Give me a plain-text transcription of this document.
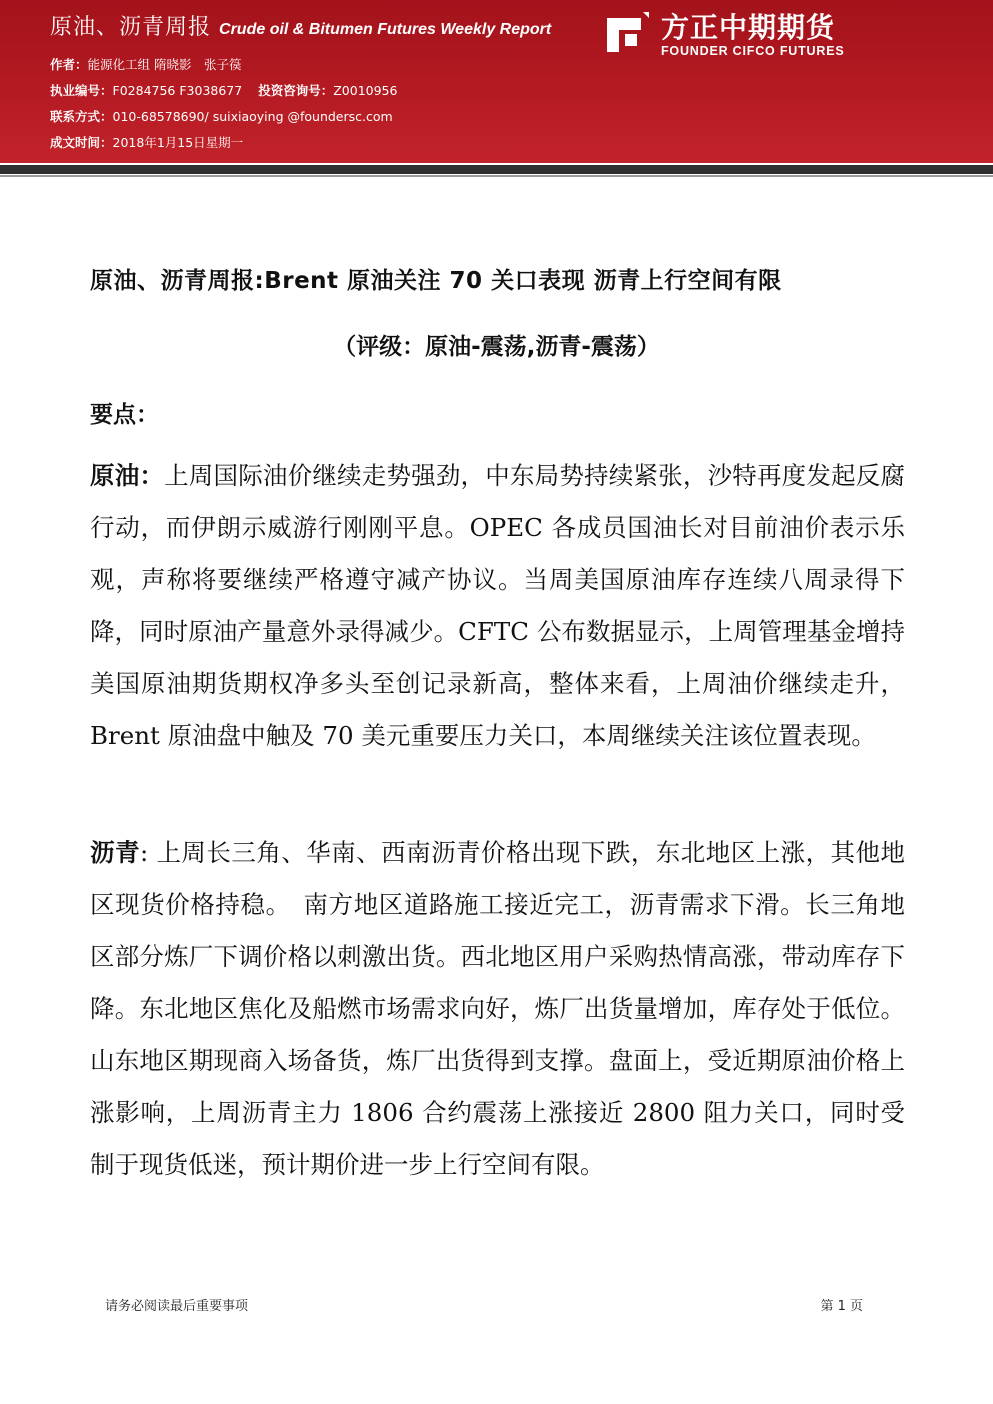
原油、沥青周报 Crude oil & Bitumen Futures Weekly Report
作者：能源化工组 隋晓影　张子篌
执业编号：F0284756 F3038677 投资咨询号：Z0010956
联系方式：010-68578690/ suixiaoying @foundersc.com
成文时间：2018年1月15日星期一
方正中期期货
FOUNDER CIFCO FUTURES
原油、沥青周报:Brent 原油关注 70 关口表现 沥青上行空间有限
（评级：原油-震荡,沥青-震荡）
要点：
原油：上周国际油价继续走势强劲，中东局势持续紧张，沙特再度发起反腐行动，而伊朗示威游行刚刚平息。OPEC 各成员国油长对目前油价表示乐观，声称将要继续严格遵守减产协议。当周美国原油库存连续八周录得下降，同时原油产量意外录得减少。CFTC 公布数据显示，上周管理基金增持美国原油期货期权净多头至创记录新高，整体来看，上周油价继续走升，Brent 原油盘中触及 70 美元重要压力关口，本周继续关注该位置表现。
沥青: 上周长三角、华南、西南沥青价格出现下跌，东北地区上涨，其他地区现货价格持稳。　南方地区道路施工接近完工，沥青需求下滑。长三角地区部分炼厂下调价格以刺激出货。西北地区用户采购热情高涨，带动库存下降。东北地区焦化及船燃市场需求向好，炼厂出货量增加，库存处于低位。山东地区期现商入场备货，炼厂出货得到支撑。盘面上，受近期原油价格上涨影响，上周沥青主力 1806 合约震荡上涨接近 2800 阻力关口，同时受制于现货低迷，预计期价进一步上行空间有限。
请务必阅读最后重要事项	第 1 页
